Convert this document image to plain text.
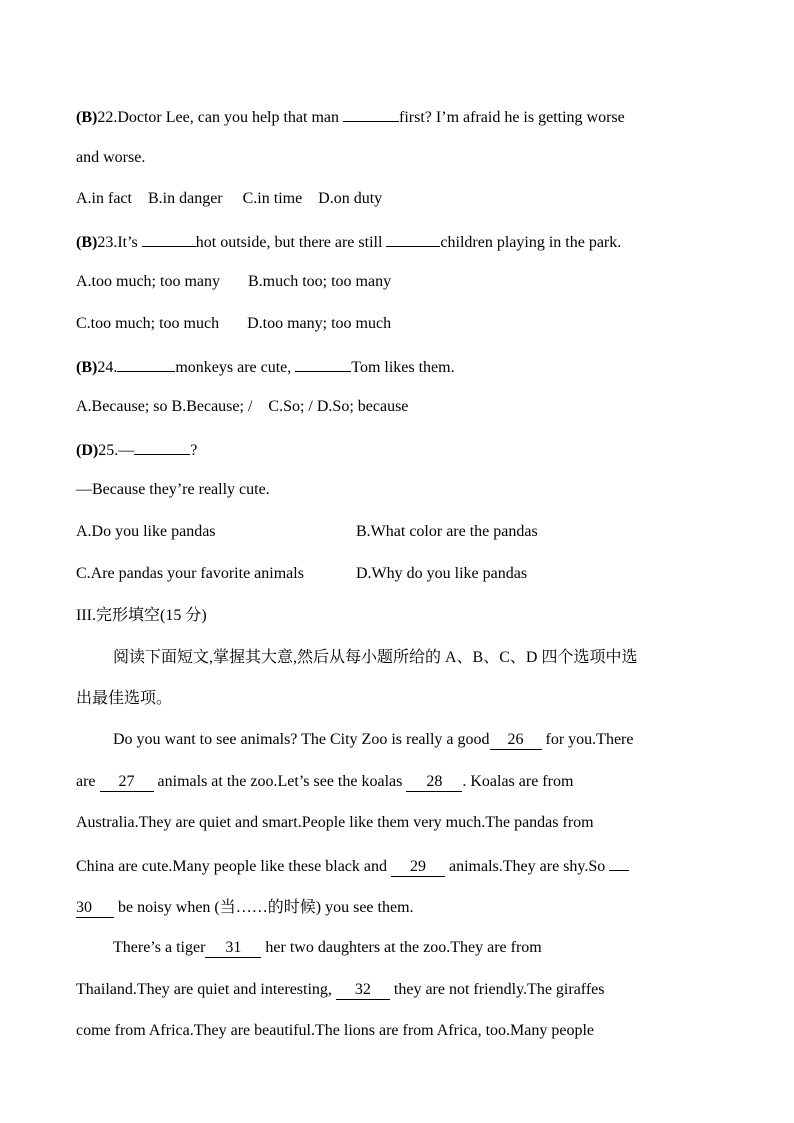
(B)22.Doctor Lee, can you help that man	first? I’m afraid he is getting worse
and worse.
A.in fact    B.in danger     C.in time    D.on duty
(B)23.It’s	hot outside, but there are still	children playing in the park.
A.too much; too many       B.much too; too many
C.too much; too much       D.too many; too much
(B)24.	monkeys are cute,	Tom likes them.
A.Because; so B.Because; /    C.So; / D.So; because
(D)25.—	?
—Because they’re really cute.
A.Do you like pandas	B.What color are the pandas
C.Are pandas your favorite animals	D.Why do you like pandas
III.完形填空(15 分)
阅读下面短文,掌握其大意,然后从每小题所给的 A、B、C、D 四个选项中选
出最佳选项。
Do you want to see animals? The City Zoo is really a good 26 for you.There
are 27 animals at the zoo.Let’s see the koalas 28 . Koalas are from
Australia.They are quiet and smart.People like them very much.The pandas from
China are cute.Many people like these black and 29 animals.They are shy.So
30 be noisy when (当……的时候) you see them.
There’s a tiger 31 her two daughters at the zoo.They are from
Thailand.They are quiet and interesting, 32 they are not friendly.The giraffes
come from Africa.They are beautiful.The lions are from Africa, too.Many people
